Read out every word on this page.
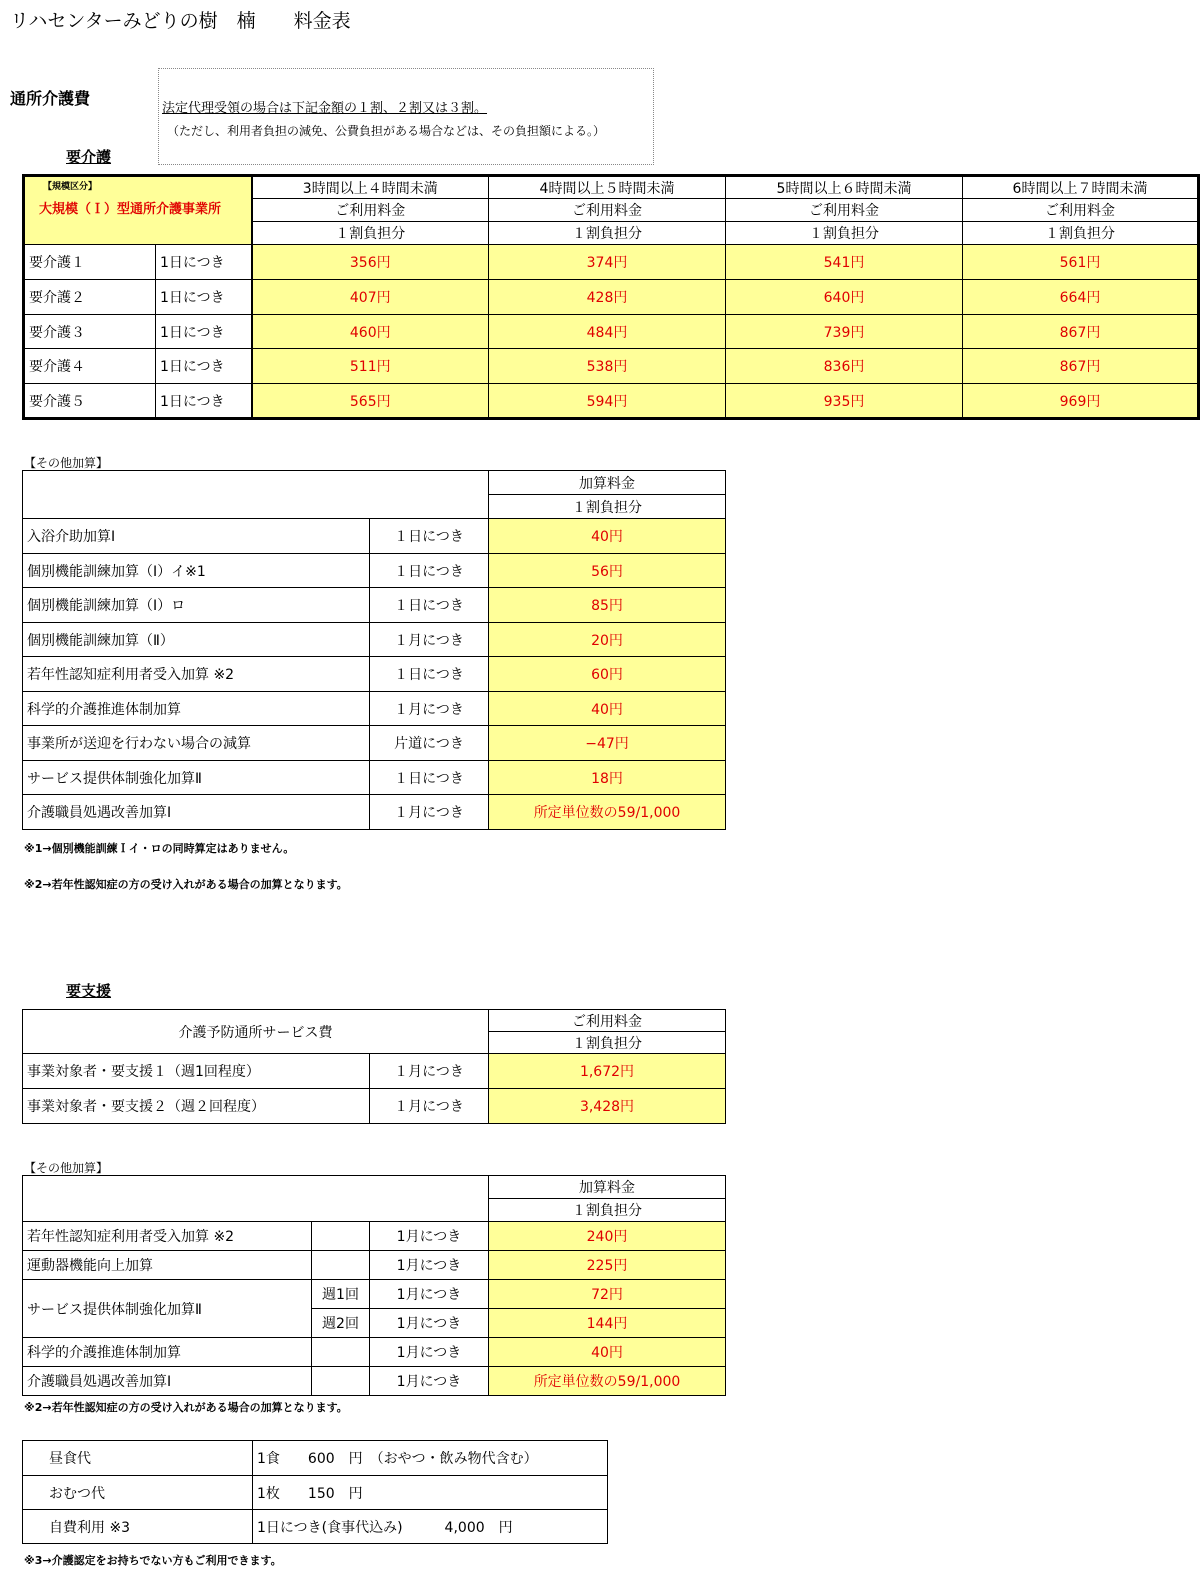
リハセンターみどりの樹　楠　　料金表
通所介護費
法定代理受領の場合は下記金額の１割、２割又は３割。
（ただし、利用者負担の減免、公費負担がある場合などは、その負担額による。）
要介護
【規模区分】
大規模（Ｉ）型通所介護事業所		3時間以上４時間未満	4時間以上５時間未満	5時間以上６時間未満	6時間以上７時間未満
		ご利用料金	ご利用料金	ご利用料金	ご利用料金
		１割負担分	１割負担分	１割負担分	１割負担分
要介護１	1日につき	356円	374円	541円	561円
要介護２	1日につき	407円	428円	640円	664円
要介護３	1日につき	460円	484円	739円	867円
要介護４	1日につき	511円	538円	836円	867円
要介護５	1日につき	565円	594円	935円	969円
【その他加算】
		加算料金
		１割負担分
入浴介助加算Ⅰ	１日につき	40円
個別機能訓練加算（Ⅰ）イ※1	１日につき	56円
個別機能訓練加算（Ⅰ）ロ	１日につき	85円
個別機能訓練加算（Ⅱ）	１月につき	20円
若年性認知症利用者受入加算 ※2	１日につき	60円
科学的介護推進体制加算	１月につき	40円
事業所が送迎を行わない場合の減算	片道につき	−47円
サービス提供体制強化加算Ⅱ	１日につき	18円
介護職員処遇改善加算Ⅰ	１月につき	所定単位数の59/1,000
※1→個別機能訓練Ｉイ・ロの同時算定はありません。
※2→若年性認知症の方の受け入れがある場合の加算となります。
要支援
介護予防通所サービス費		ご利用料金
		１割負担分
事業対象者・要支援１（週1回程度）	１月につき	1,672円
事業対象者・要支援２（週２回程度）	１月につき	3,428円
【その他加算】
			加算料金
			１割負担分
若年性認知症利用者受入加算 ※2		1月につき	240円
運動器機能向上加算		1月につき	225円
サービス提供体制強化加算Ⅱ	週1回	1月につき	72円
	週2回	1月につき	144円
科学的介護推進体制加算		1月につき	40円
介護職員処遇改善加算Ⅰ		1月につき	所定単位数の59/1,000
※2→若年性認知症の方の受け入れがある場合の加算となります。
昼食代	1食　　600　円　（おやつ・飲み物代含む）
おむつ代	1枚　　150　円
自費利用 ※3	1日につき(食事代込み)　　　4,000　円
※3→介護認定をお持ちでない方もご利用できます。
